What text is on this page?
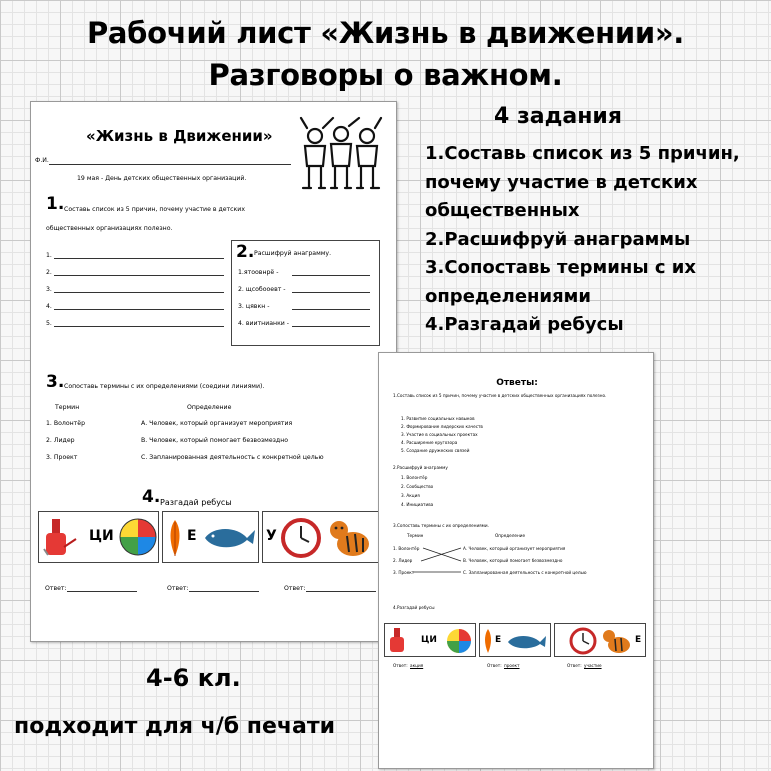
Рабочий лист «Жизнь в движении».
Разговоры о важном.
«Жизнь в Движении»
Ф.И.
19 мая - День детских общественных организаций.
1. Составь список из 5 причин, почему участие в детских
общественных организациях полезно.
1.
2.
3.
4.
5.
2. Расшифруй анаграмму.
1.ятоовнрё -
2. щсобооевт -
3. цявкн -
4. виитнианки -
3. Сопоставь термины с их определениями (соедини линиями).
Термин	Определение
1. Волонтёр	А. Человек, который организует мероприятия
2. Лидер	В. Человек, который помогает безвозмездно
3. Проект	С. Запланированная деятельность с конкретной целью
4. Разгадай ребусы
ЦИ	Е	У
Ответ:	Ответ:	Ответ:
Ответы:
1.Составь список из 5 причин, почему участие в детских общественных организациях полезно.
1. Развитие социальных навыков
2. Формирование лидерских качеств
3. Участие в социальных проектах
4. Расширение кругозора
5. Создание дружеских связей
2.Расшифруй анаграмму
1. Волонтёр
2. Сообщество
3. Акция
4. Инициатива
3.Сопоставь термины с их определениями.
Термин	Определение
1. Волонтёр	А. Человек, который организует мероприятия
2. Лидер	В. Человек, который помогает безвозмездно
3. Проект	С. Запланированная деятельность с конкретной целью
4.Разгадай ребусы
ЦИ	Е	Е
Ответ: акция	Ответ: проект	Ответ: участие
4 задания
1.Составь список из 5 причин, почему участие в детских общественных
2.Расшифруй анаграммы
3.Сопоставь термины с их определениями
4.Разгадай ребусы
4-6 кл.
подходит для ч/б печати
